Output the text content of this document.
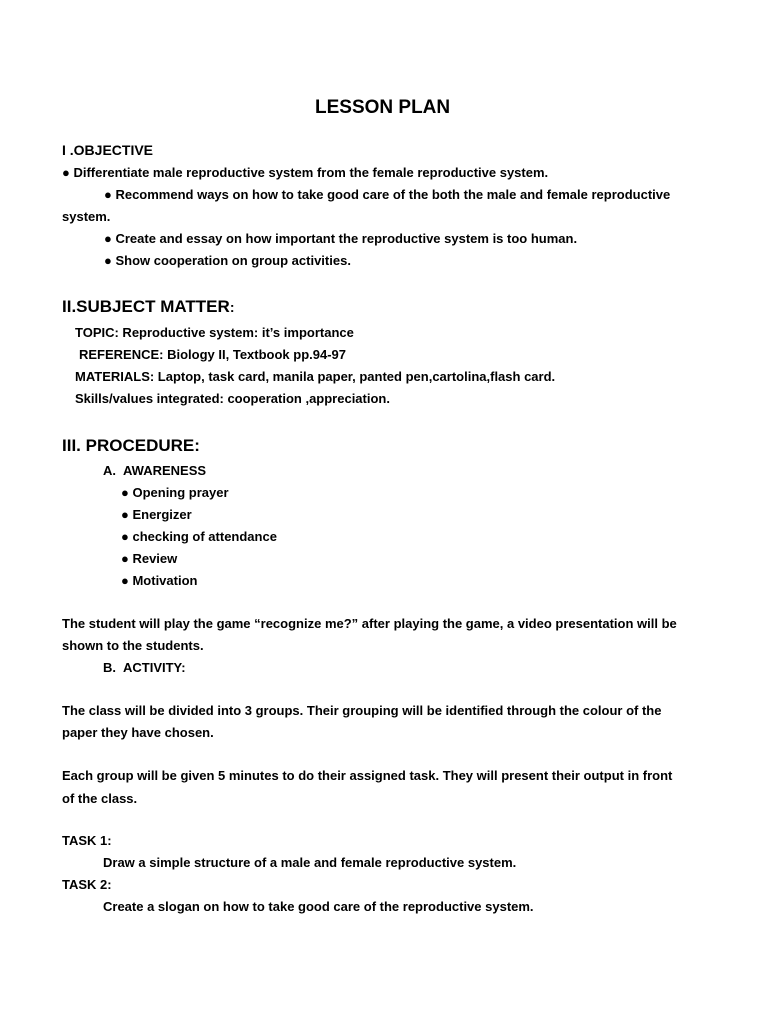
LESSON PLAN
I .OBJECTIVE
● Differentiate male reproductive system from the female reproductive system.
● Recommend ways on how to take good care of the both the male and female reproductive
system.
● Create and essay on how important the reproductive system is too human.
● Show cooperation on group activities.
II.SUBJECT MATTER:
TOPIC: Reproductive system: it’s importance
REFERENCE: Biology II, Textbook pp.94-97
MATERIALS: Laptop, task card, manila paper, panted pen,cartolina,flash card.
Skills/values integrated: cooperation ,appreciation.
III. PROCEDURE:
A. AWARENESS
● Opening prayer
● Energizer
● checking of attendance
● Review
● Motivation
The student will play the game “recognize me?” after playing the game, a video presentation will be
shown to the students.
B. ACTIVITY:
The class will be divided into 3 groups. Their grouping will be identified through the colour of the
paper they have chosen.
Each group will be given 5 minutes to do their assigned task. They will present their output in front
of the class.
TASK 1:
Draw a simple structure of a male and female reproductive system.
TASK 2:
Create a slogan on how to take good care of the reproductive system.
